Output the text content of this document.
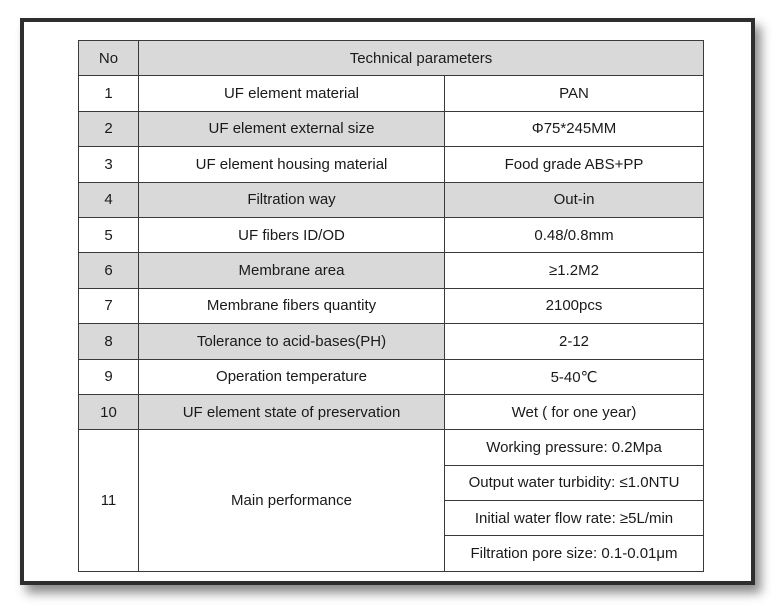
No	Technical parameters	
1	UF element material	PAN
2	UF element external size	Φ75*245MM
3	UF element housing material	Food grade ABS+PP
4	Filtration way	Out-in
5	UF fibers ID/OD	0.48/0.8mm
6	Membrane area	≥1.2M2
7	Membrane fibers quantity	2100pcs
8	Tolerance to acid-bases(PH)	2-12
9	Operation temperature	5-40℃
10	UF element state of preservation	Wet ( for one year)
11	Main performance	Working pressure: 0.2Mpa
		Output water turbidity: ≤1.0NTU
		Initial water flow rate: ≥5L/min
		Filtration pore size: 0.1-0.01μm
